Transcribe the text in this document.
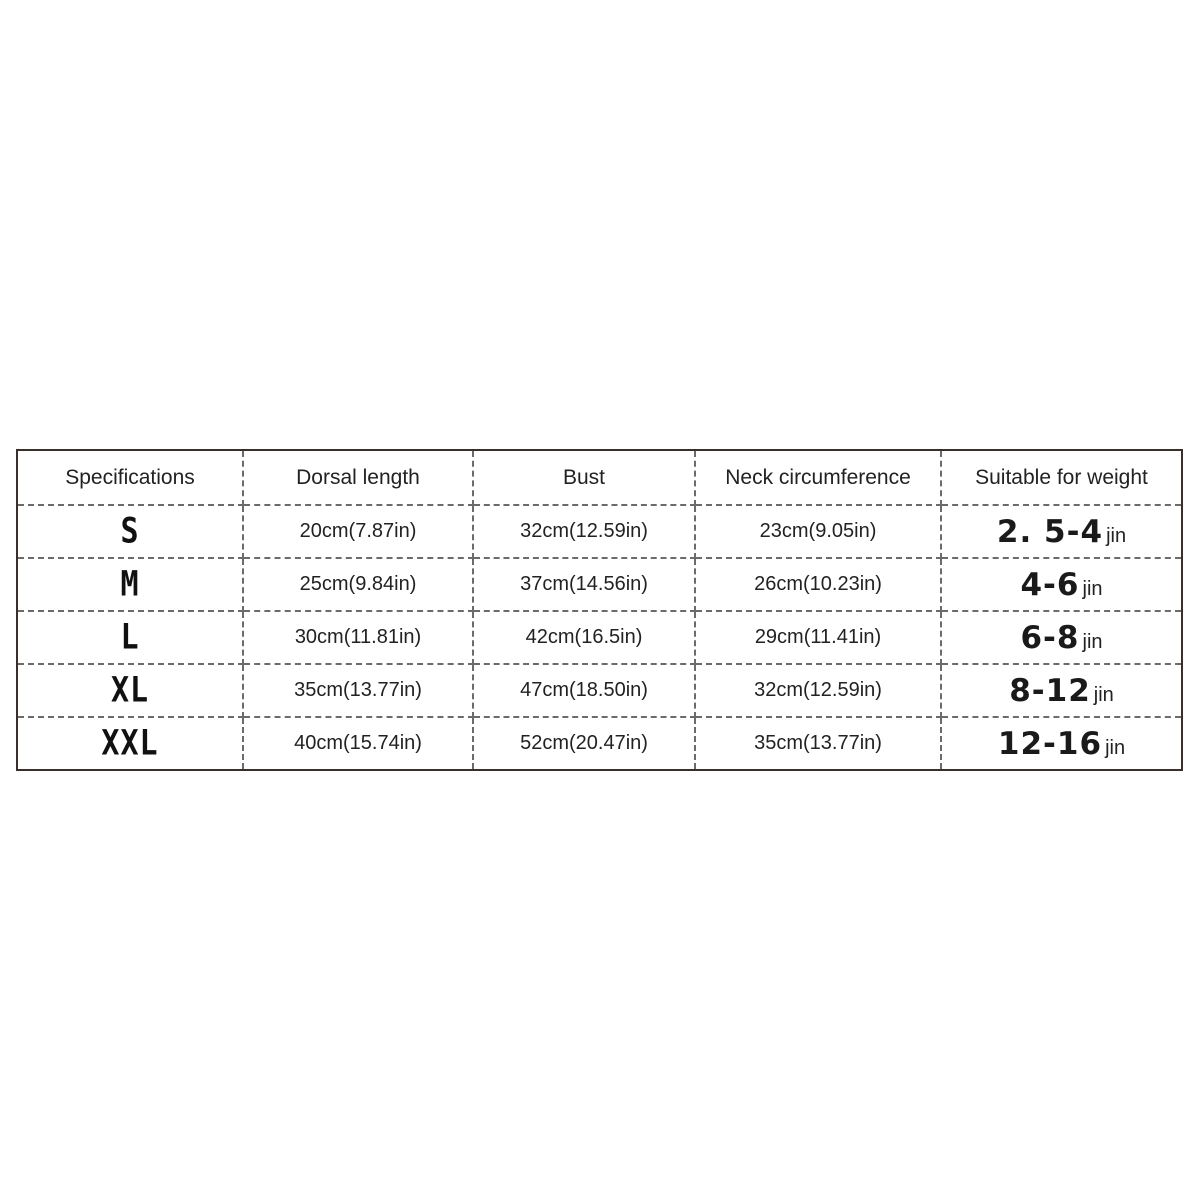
Specifications	Dorsal length	Bust	Neck circumference	Suitable for weight
S	20cm(7.87in)	32cm(12.59in)	23cm(9.05in)	2. 5-4 jin
M	25cm(9.84in)	37cm(14.56in)	26cm(10.23in)	4-6 jin
L	30cm(11.81in)	42cm(16.5in)	29cm(11.41in)	6-8 jin
XL	35cm(13.77in)	47cm(18.50in)	32cm(12.59in)	8-12 jin
XXL	40cm(15.74in)	52cm(20.47in)	35cm(13.77in)	12-16 jin
